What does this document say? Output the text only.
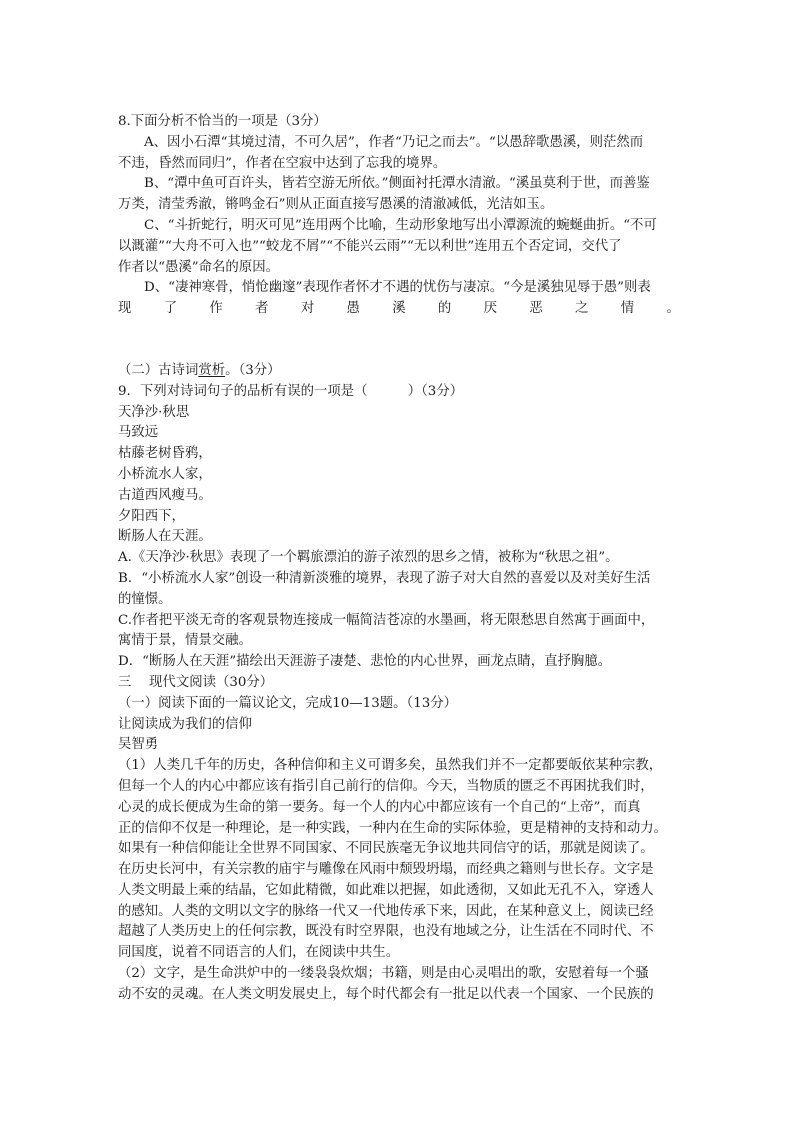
8.下面分析不恰当的一项是（3分）
A、因小石潭“其境过清，不可久居”，作者“乃记之而去”。“以愚辞歌愚溪，则茫然而
不违，昏然而同归”，作者在空寂中达到了忘我的境界。
B、“潭中鱼可百许头，皆若空游无所依。”侧面衬托潭水清澈。“溪虽莫利于世，而善鉴
万类，清莹秀澈，锵鸣金石”则从正面直接写愚溪的清澈减低，光洁如玉。
C、“斗折蛇行，明灭可见”连用两个比喻，生动形象地写出小潭源流的蜿蜒曲折。“不可
以溉灌”“大舟不可入也”“蛟龙不屑”“不能兴云雨”“无以利世”连用五个否定词，交代了
作者以“愚溪”命名的原因。
D、“凄神寒骨，悄怆幽邃”表现作者怀才不遇的忧伤与凄凉。“今是溪独见辱于愚”则表
现 了 作 者 对 愚 溪 的 厌 恶 之 情 。
（二）古诗词赏析。（3分）
9．下列对诗词句子的品析有误的一项是（　　　）（3分）
天净沙·秋思
马致远
枯藤老树昏鸦，
小桥流水人家，
古道西风瘦马。
夕阳西下，
断肠人在天涯。
A.《天净沙·秋思》表现了一个羁旅漂泊的游子浓烈的思乡之情，被称为“秋思之祖”。
B．“小桥流水人家”创设一种清新淡雅的境界，表现了游子对大自然的喜爱以及对美好生活
的憧憬。
C.作者把平淡无奇的客观景物连接成一幅简洁苍凉的水墨画，将无限愁思自然寓于画面中，
寓情于景，情景交融。
D．“断肠人在天涯”描绘出天涯游子凄楚、悲怆的内心世界，画龙点睛，直抒胸臆。
三　 现代文阅读（30分）
（一）阅读下面的一篇议论文，完成10—13题。（13分）
让阅读成为我们的信仰
吴智勇
（1）人类几千年的历史，各种信仰和主义可谓多矣，虽然我们并不一定都要皈依某种宗教，
但每一个人的内心中都应该有指引自己前行的信仰。今天，当物质的匮乏不再困扰我们时，
心灵的成长便成为生命的第一要务。每一个人的内心中都应该有一个自己的“上帝”，而真
正的信仰不仅是一种理论，是一种实践，一种内在生命的实际体验，更是精神的支持和动力。
如果有一种信仰能让全世界不同国家、不同民族毫无争议地共同信守的话，那就是阅读了。
在历史长河中，有关宗教的庙宇与雕像在风雨中颓毁坍塌，而经典之籍则与世长存。文字是
人类文明最上乘的结晶，它如此精微，如此难以把握，如此透彻，又如此无孔不入，穿透人
的感知。人类的文明以文字的脉络一代又一代地传承下来，因此，在某种意义上，阅读已经
超越了人类历史上的任何宗教，既没有时空界限，也没有地域之分，让生活在不同时代、不
同国度，说着不同语言的人们，在阅读中共生。
（2）文字，是生命洪炉中的一缕袅袅炊烟；书籍，则是由心灵唱出的歌，安慰着每一个骚
动不安的灵魂。在人类文明发展史上，每个时代都会有一批足以代表一个国家、一个民族的
